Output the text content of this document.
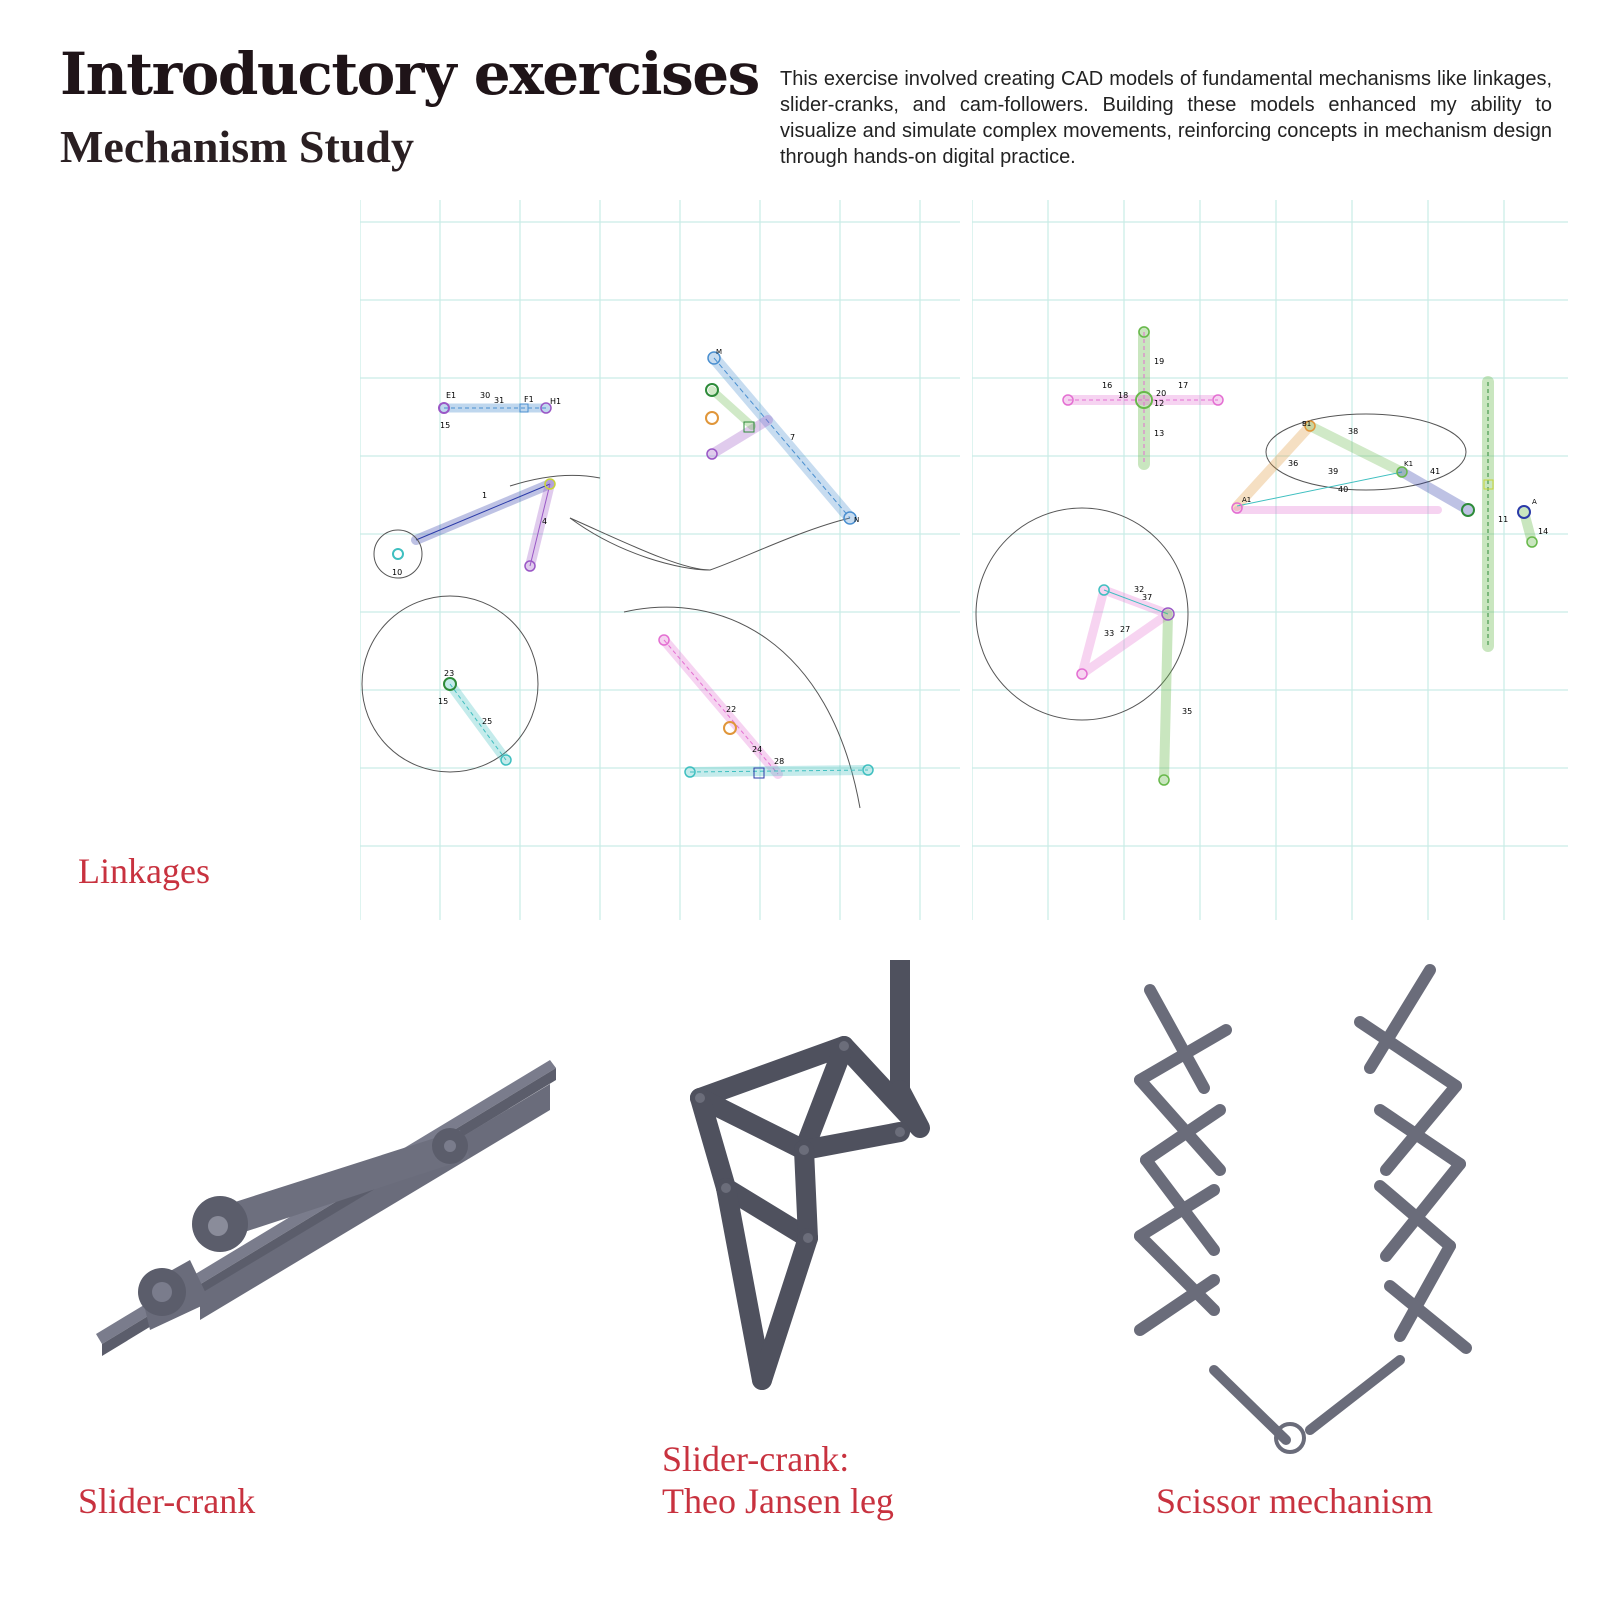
Introductory exercises
Mechanism Study

This exercise involved creating CAD models of fundamental mechanisms like linkages, slider-cranks, and cam-followers. Building these models enhanced my ability to visualize and simulate complex movements, reinforcing concepts in mechanism design through hands-on digital practice.

30
31
15
E1	F1 H1
1
4
10
7
M
N
23
15
25
22
24
28
16
18
17
19
12
13
20
38
36
39
40
41
B1
K1
A1
11
14
A
32
37
33 27
35
Linkages
Slider-crank
Slider-crank:
Theo Jansen leg	Scissor mechanism
